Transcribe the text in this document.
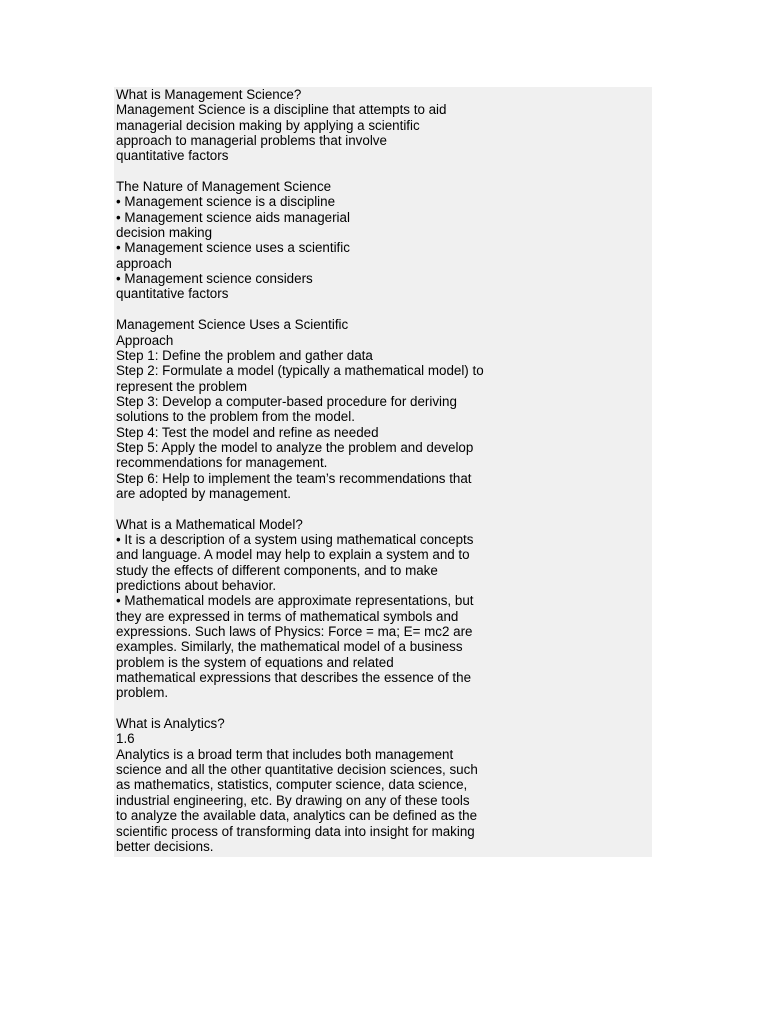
What is Management Science?
Management Science is a discipline that attempts to aid
managerial decision making by applying a scientific
approach to managerial problems that involve
quantitative factors
The Nature of Management Science
• Management science is a discipline
• Management science aids managerial
decision making
• Management science uses a scientific
approach
• Management science considers
quantitative factors
Management Science Uses a Scientific
Approach
Step 1: Define the problem and gather data
Step 2: Formulate a model (typically a mathematical model) to
represent the problem
Step 3: Develop a computer-based procedure for deriving
solutions to the problem from the model.
Step 4: Test the model and refine as needed
Step 5: Apply the model to analyze the problem and develop
recommendations for management.
Step 6: Help to implement the team’s recommendations that
are adopted by management.
What is a Mathematical Model?
• It is a description of a system using mathematical concepts
and language. A model may help to explain a system and to
study the effects of different components, and to make
predictions about behavior.
• Mathematical models are approximate representations, but
they are expressed in terms of mathematical symbols and
expressions. Such laws of Physics: Force = ma; E= mc2 are
examples. Similarly, the mathematical model of a business
problem is the system of equations and related
mathematical expressions that describes the essence of the
problem.
What is Analytics?
1.6
Analytics is a broad term that includes both management
science and all the other quantitative decision sciences, such
as mathematics, statistics, computer science, data science,
industrial engineering, etc. By drawing on any of these tools
to analyze the available data, analytics can be defined as the
scientific process of transforming data into insight for making
better decisions.
